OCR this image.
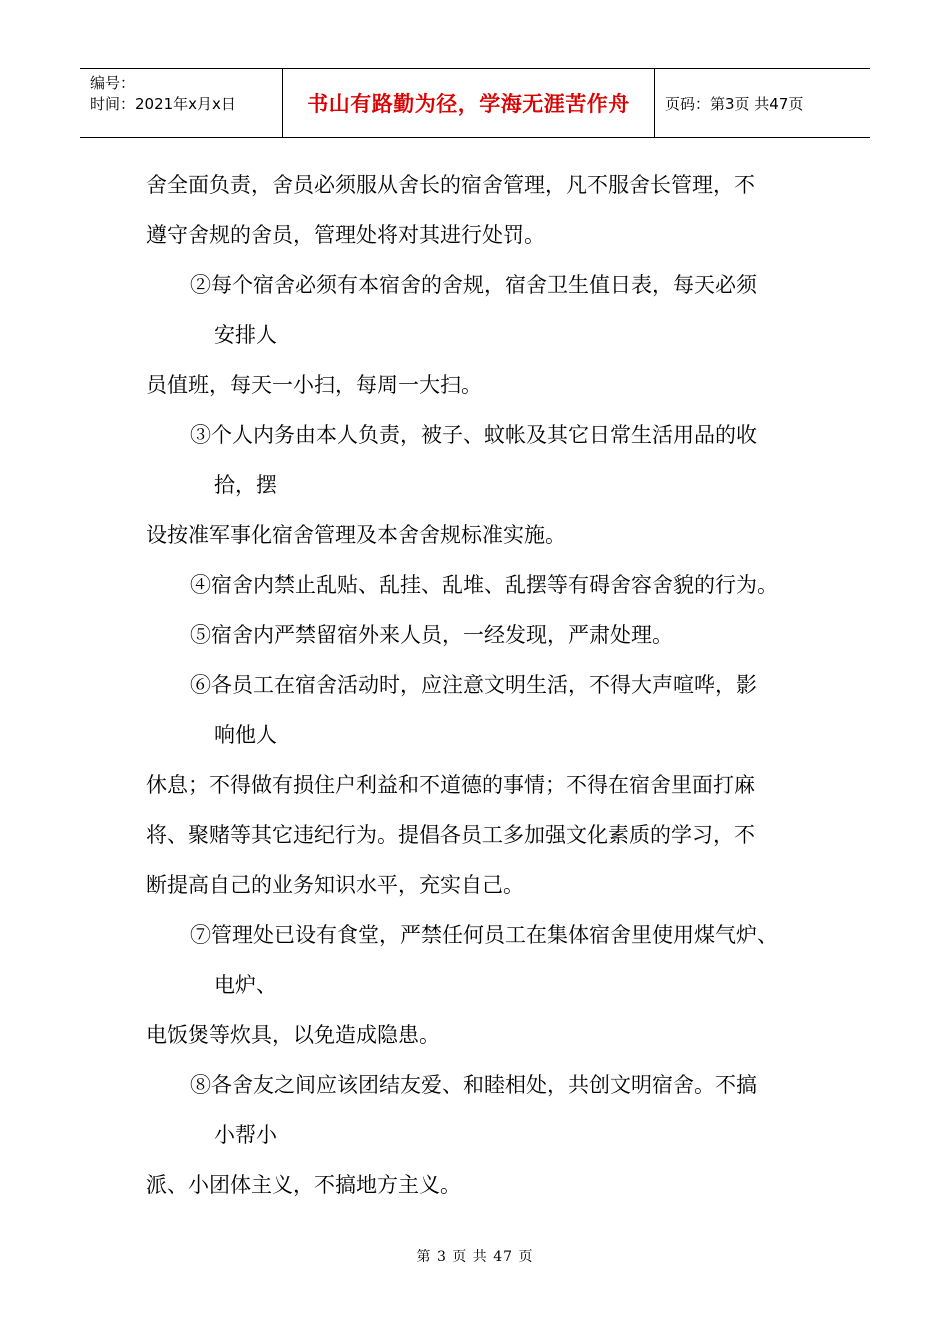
编号：
时间：2021年x月x日	书山有路勤为径，学海无涯苦作舟 页码：第3页 共47页

舍全面负责，舍员必须服从舍长的宿舍管理，凡不服舍长管理，不

遵守舍规的舍员，管理处将对其进行处罚。

②每个宿舍必须有本宿舍的舍规，宿舍卫生值日表，每天必须

安排人

员值班，每天一小扫，每周一大扫。

③个人内务由本人负责，被子、蚊帐及其它日常生活用品的收

拾，摆

设按准军事化宿舍管理及本舍舍规标准实施。

④宿舍内禁止乱贴、乱挂、乱堆、乱摆等有碍舍容舍貌的行为。

⑤宿舍内严禁留宿外来人员，一经发现，严肃处理。

⑥各员工在宿舍活动时，应注意文明生活，不得大声喧哗，影

响他人

休息；不得做有损住户利益和不道德的事情；不得在宿舍里面打麻

将、聚赌等其它违纪行为。提倡各员工多加强文化素质的学习，不

断提高自己的业务知识水平，充实自己。

⑦管理处已设有食堂，严禁任何员工在集体宿舍里使用煤气炉、

电炉、

电饭煲等炊具，以免造成隐患。

⑧各舍友之间应该团结友爱、和睦相处，共创文明宿舍。不搞

小帮小

派、小团体主义，不搞地方主义。

第 3 页 共 47 页
